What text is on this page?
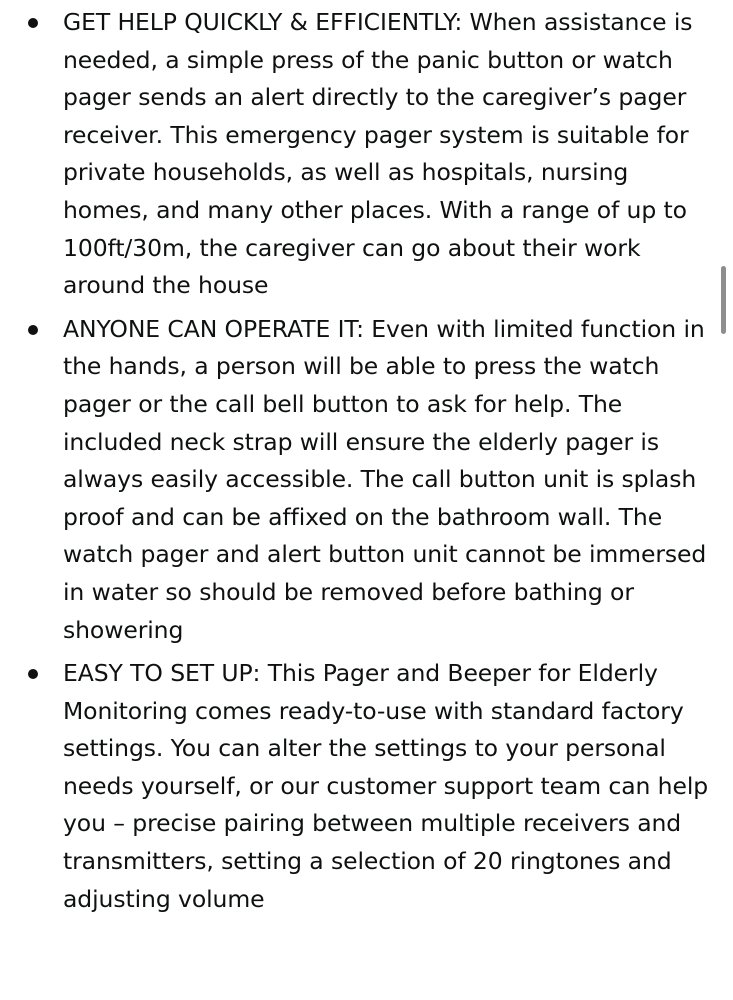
GET HELP QUICKLY & EFFICIENTLY: When assistance is needed, a simple press of the panic button or watch pager sends an alert directly to the caregiver’s pager receiver. This emergency pager system is suitable for private households, as well as hospitals, nursing homes, and many other places. With a range of up to 100ft/30m, the caregiver can go about their work around the house
ANYONE CAN OPERATE IT: Even with limited function in the hands, a person will be able to press the watch pager or the call bell button to ask for help. The included neck strap will ensure the elderly pager is always easily accessible. The call button unit is splash proof and can be affixed on the bathroom wall. The watch pager and alert button unit cannot be immersed in water so should be removed before bathing or showering
EASY TO SET UP: This Pager and Beeper for Elderly Monitoring comes ready-to-use with standard factory settings. You can alter the settings to your personal needs yourself, or our customer support team can help you – precise pairing between multiple receivers and transmitters, setting a selection of 20 ringtones and adjusting volume
